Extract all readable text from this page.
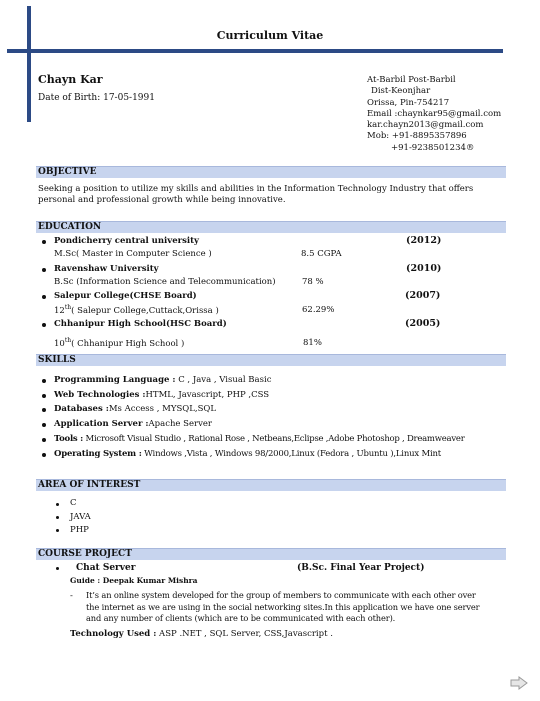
Curriculum Vitae
Chayn Kar
Date of Birth: 17-05-1991
At-Barbil Post-Barbil
Dist-Keonjhar
Orissa, Pin-754217
Email :chaynkar95@gmail.com
kar.chayn2013@gmail.com
Mob: +91-8895357896
+91-9238501234®
OBJECTIVE
Seeking a position to utilize my skills and abilities in the Information Technology Industry that offers
personal and professional growth while being innovative.
EDUCATION
Pondicherry central university	(2012)
M.Sc( Master in Computer Science )	8.5 CGPA
Ravenshaw University	(2010)
B.Sc (Information Science and Telecommunication)	78 %
Salepur College(CHSE Board)	(2007)
12th( Salepur College,Cuttack,Orissa )	62.29%
Chhanipur High School(HSC Board)	(2005)
10th( Chhanipur High School )	81%
SKILLS
Programming Language : C , Java , Visual Basic
Web Technologies :HTML, Javascript, PHP ,CSS
Databases :Ms Access , MYSQL,SQL
Application Server :Apache Server
Tools : Microsoft Visual Studio , Rational Rose , Netbeans,Eclipse ,Adobe Photoshop , Dreamweaver
Operating System : Windows ,Vista , Windows 98/2000,Linux (Fedora , Ubuntu ),Linux Mint
AREA OF INTEREST
C
JAVA
PHP
COURSE PROJECT
Chat Server	(B.Sc. Final Year Project)
Guide : Deepak Kumar Mishra
- It’s an online system developed for the group of members to communicate with each other over
the internet as we are using in the social networking sites.In this application we have one server
and any number of clients (which are to be communicated with each other).
Technology Used : ASP .NET , SQL Server, CSS,Javascript .
